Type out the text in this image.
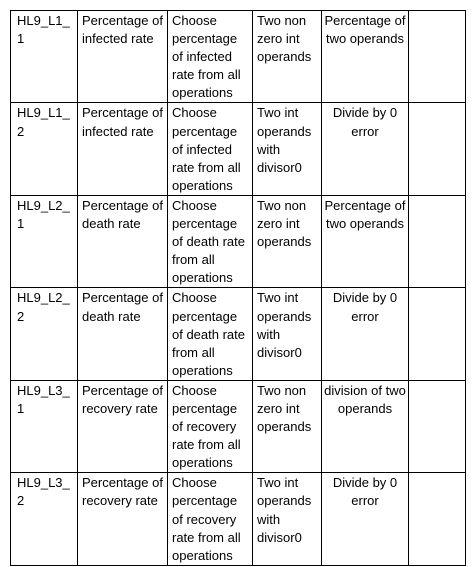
HL9_L1_1	Percentage of infected rate	Choose percentage of infected rate from all operations	Two non zero int operands	Percentage of two operands	
HL9_L1_2	Percentage of infected rate	Choose percentage of infected rate from all operations	Two int operands with divisor0	Divide by 0 error	
HL9_L2_1	Percentage of death rate	Choose percentage of death rate from all operations	Two non zero int operands	Percentage of two operands	
HL9_L2_2	Percentage of death rate	Choose percentage of death rate from all operations	Two int operands with divisor0	Divide by 0 error	
HL9_L3_1	Percentage of recovery rate	Choose percentage of recovery rate from all operations	Two non zero int operands	division of two operands	
HL9_L3_2	Percentage of recovery rate	Choose percentage of recovery rate from all operations	Two int operands with divisor0	Divide by 0 error	
